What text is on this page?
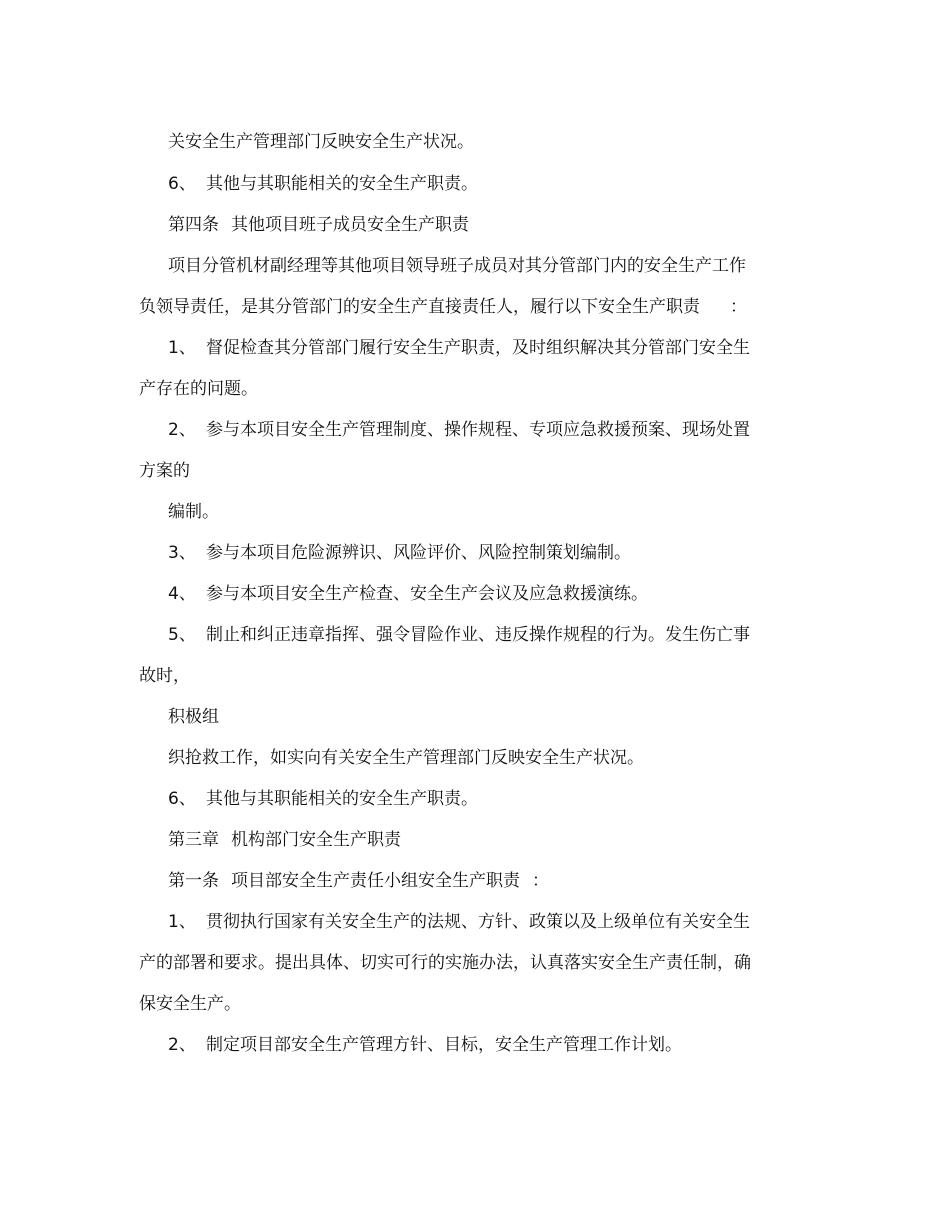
关安全生产管理部门反映安全生产状况。
6、 其他与其职能相关的安全生产职责。
第四条 其他项目班子成员安全生产职责
项目分管机材副经理等其他项目领导班子成员对其分管部门内的安全生产工作
负领导责任，是其分管部门的安全生产直接责任人，履行以下安全生产职责 ：
1、 督促检查其分管部门履行安全生产职责，及时组织解决其分管部门安全生
产存在的问题。
2、 参与本项目安全生产管理制度、操作规程、专项应急救援预案、现场处置
方案的
编制。
3、 参与本项目危险源辨识、风险评价、风险控制策划编制。
4、 参与本项目安全生产检查、安全生产会议及应急救援演练。
5、 制止和纠正违章指挥、强令冒险作业、违反操作规程的行为。发生伤亡事
故时，
积极组
织抢救工作，如实向有关安全生产管理部门反映安全生产状况。
6、 其他与其职能相关的安全生产职责。
第三章 机构部门安全生产职责
第一条 项目部安全生产责任小组安全生产职责 ：
1、 贯彻执行国家有关安全生产的法规、方针、政策以及上级单位有关安全生
产的部署和要求。提出具体、切实可行的实施办法，认真落实安全生产责任制，确
保安全生产。
2、 制定项目部安全生产管理方针、目标，安全生产管理工作计划。
